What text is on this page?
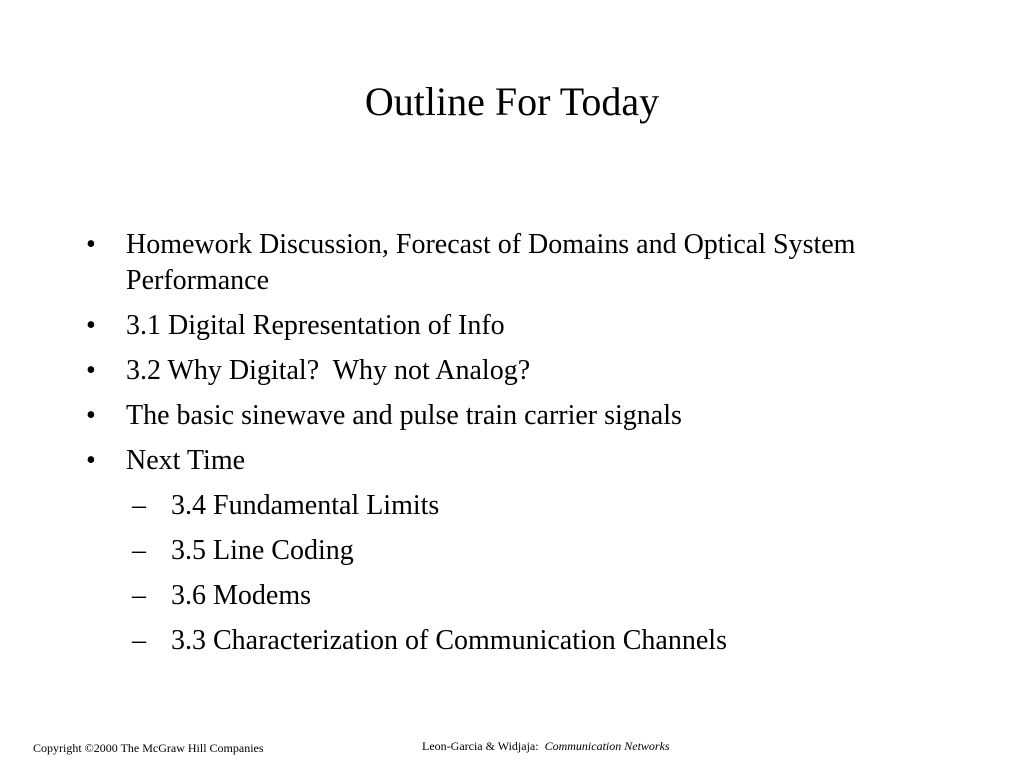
Outline For Today
•	Homework Discussion, Forecast of Domains and Optical System Performance
•	3.1 Digital Representation of Info
•	3.2 Why Digital?  Why not Analog?
•	The basic sinewave and pulse train carrier signals
•	Next Time
– 3.4 Fundamental Limits
– 3.5 Line Coding
– 3.6 Modems
– 3.3 Characterization of Communication Channels
Copyright ©2000 The McGraw Hill Companies	Leon-Garcia & Widjaja: Communication Networks
